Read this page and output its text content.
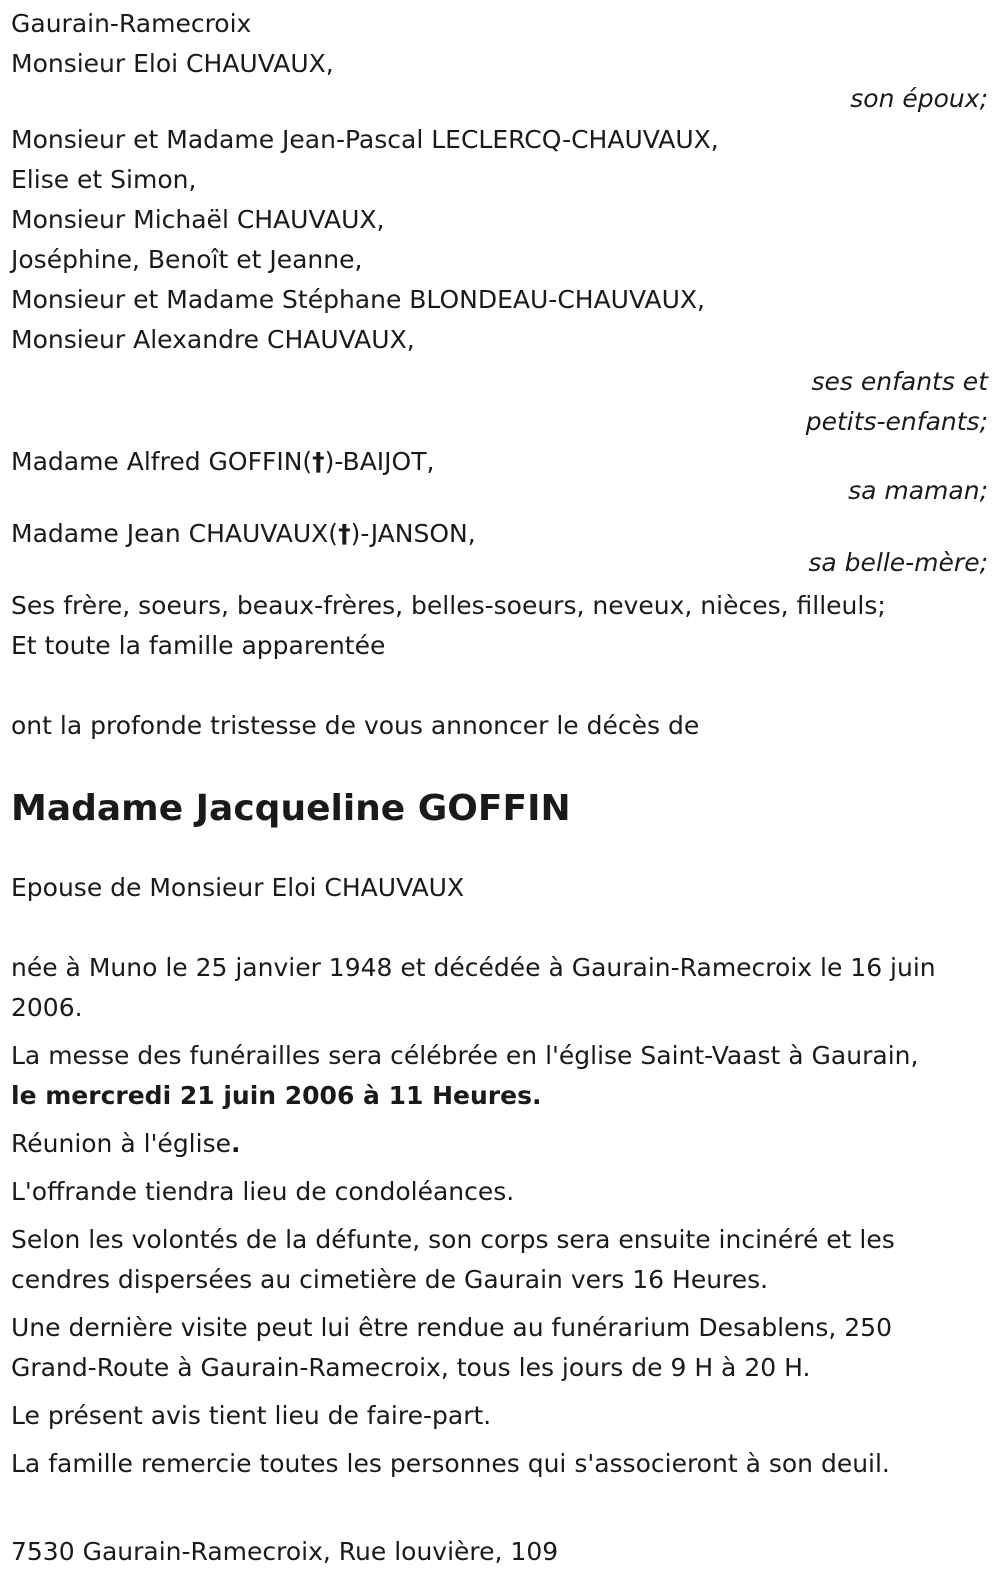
Gaurain-Ramecroix
Monsieur Eloi CHAUVAUX,
son époux;
Monsieur et Madame Jean-Pascal LECLERCQ-CHAUVAUX,
Elise et Simon,
Monsieur Michaël CHAUVAUX,
Joséphine, Benoît et Jeanne,
Monsieur et Madame Stéphane BLONDEAU-CHAUVAUX,
Monsieur Alexandre CHAUVAUX,
ses enfants et
petits-enfants;
Madame Alfred GOFFIN(†)-BAIJOT,
sa maman;
Madame Jean CHAUVAUX(†)-JANSON,
sa belle-mère;
Ses frère, soeurs, beaux-frères, belles-soeurs, neveux, nièces, filleuls;
Et toute la famille apparentée
ont la profonde tristesse de vous annoncer le décès de
Madame Jacqueline GOFFIN
Epouse de Monsieur Eloi CHAUVAUX
née à Muno le 25 janvier 1948 et décédée à Gaurain-Ramecroix le 16 juin
2006.
La messe des funérailles sera célébrée en l'église Saint-Vaast à Gaurain,
le mercredi 21 juin 2006 à 11 Heures.
Réunion à l'église.
L'offrande tiendra lieu de condoléances.
Selon les volontés de la défunte, son corps sera ensuite incinéré et les
cendres dispersées au cimetière de Gaurain vers 16 Heures.
Une dernière visite peut lui être rendue au funérarium Desablens, 250
Grand-Route à Gaurain-Ramecroix, tous les jours de 9 H à 20 H.
Le présent avis tient lieu de faire-part.
La famille remercie toutes les personnes qui s'associeront à son deuil.
7530 Gaurain-Ramecroix, Rue louvière, 109
